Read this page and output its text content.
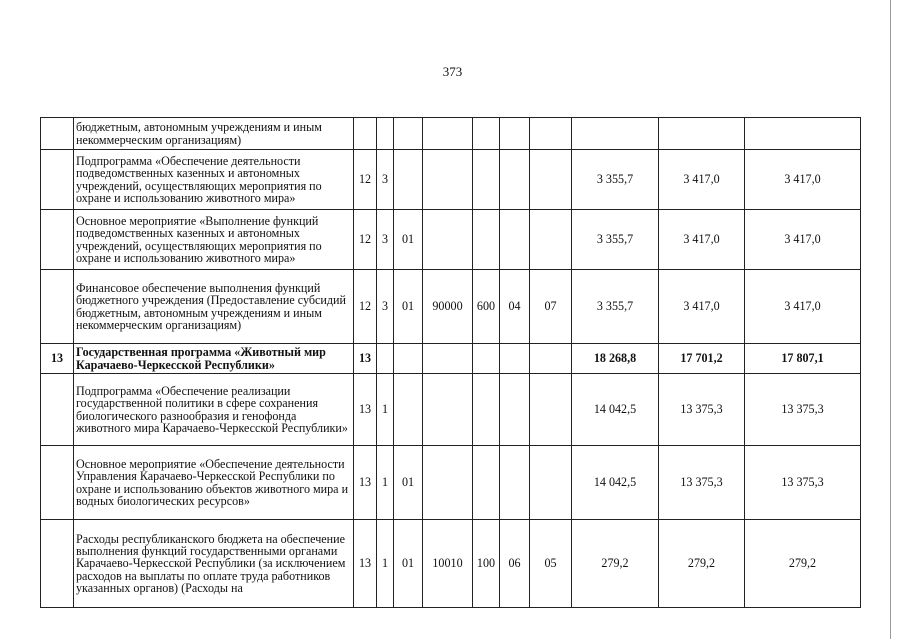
373
	бюджетным, автономным учреждениям и иным некоммерческим организациям)										
	Подпрограмма «Обеспечение деятельности подведомственных казенных и автономных учреждений, осуществляющих мероприятия по охране и использованию животного мира»	12	3						3 355,7	3 417,0	3 417,0
	Основное мероприятие «Выполнение функций подведомственных казенных и автономных учреждений, осуществляющих мероприятия по охране и использованию животного мира»	12	3	01					3 355,7	3 417,0	3 417,0
	Финансовое обеспечение выполнения функций бюджетного учреждения (Предоставление субсидий бюджетным, автономным учреждениям и иным некоммерческим организациям)	12	3	01	90000	600	04	07	3 355,7	3 417,0	3 417,0
13	Государственная программа «Животный мир Карачаево-Черкесской Республики»	13							18 268,8	17 701,2	17 807,1
	Подпрограмма «Обеспечение реализации государственной политики в сфере сохранения биологического разнообразия и генофонда животного мира Карачаево-Черкесской Республики»	13	1						14 042,5	13 375,3	13 375,3
	Основное мероприятие «Обеспечение деятельности Управления Карачаево-Черкесской Республики по охране и использованию объектов животного мира и водных биологических ресурсов»	13	1	01					14 042,5	13 375,3	13 375,3
	Расходы республиканского бюджета на обеспечение выполнения функций государственными органами Карачаево-Черкесской Республики (за исключением расходов на выплаты по оплате труда работников указанных органов) (Расходы на	13	1	01	10010	100	06	05	279,2	279,2	279,2
